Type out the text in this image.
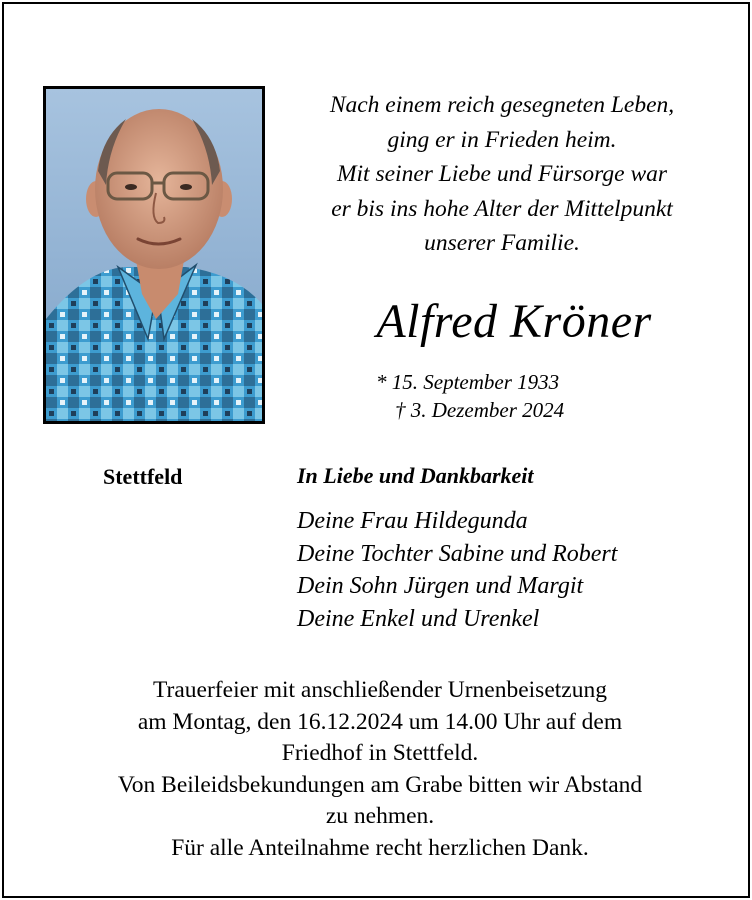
Nach einem reich gesegneten Leben,
ging er in Frieden heim.
Mit seiner Liebe und Fürsorge war
er bis ins hohe Alter der Mittelpunkt
unserer Familie.
Alfred Kröner
* 15. September 1933
† 3. Dezember 2024
Stettfeld	In Liebe und Dankbarkeit
Deine Frau Hildegunda
Deine Tochter Sabine und Robert
Dein Sohn Jürgen und Margit
Deine Enkel und Urenkel
Trauerfeier mit anschließender Urnenbeisetzung
am Montag, den 16.12.2024 um 14.00 Uhr auf dem
Friedhof in Stettfeld.
Von Beileidsbekundungen am Grabe bitten wir Abstand
zu nehmen.
Für alle Anteilnahme recht herzlichen Dank.
